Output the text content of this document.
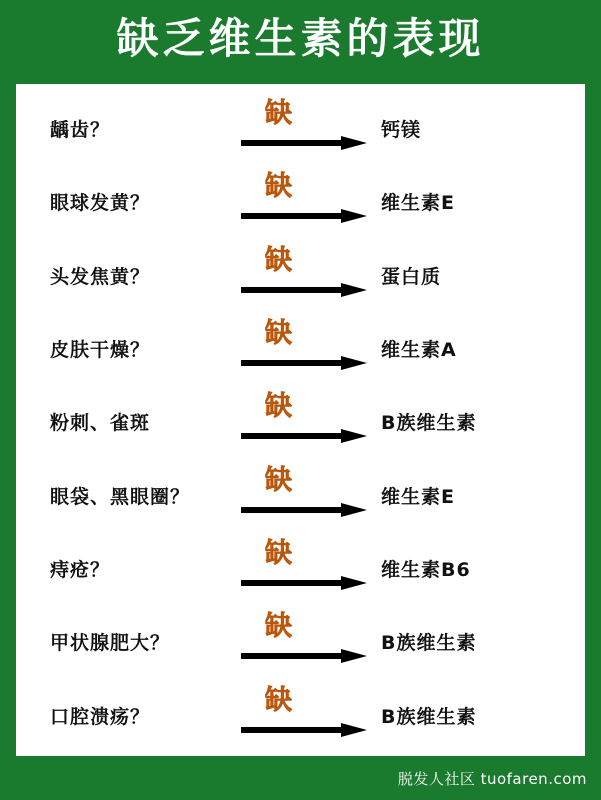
缺乏维生素的表现
龋齿？
缺
钙镁
眼球发黄？
缺
维生素E
头发焦黄？
缺
蛋白质
皮肤干燥？
缺
维生素A
粉刺、雀斑
缺
B族维生素
眼袋、黑眼圈？
缺
维生素E
痔疮？
缺
维生素B6
甲状腺肥大？
缺
B族维生素
口腔溃疡？
缺
B族维生素
脱发人社区 tuofaren.com
